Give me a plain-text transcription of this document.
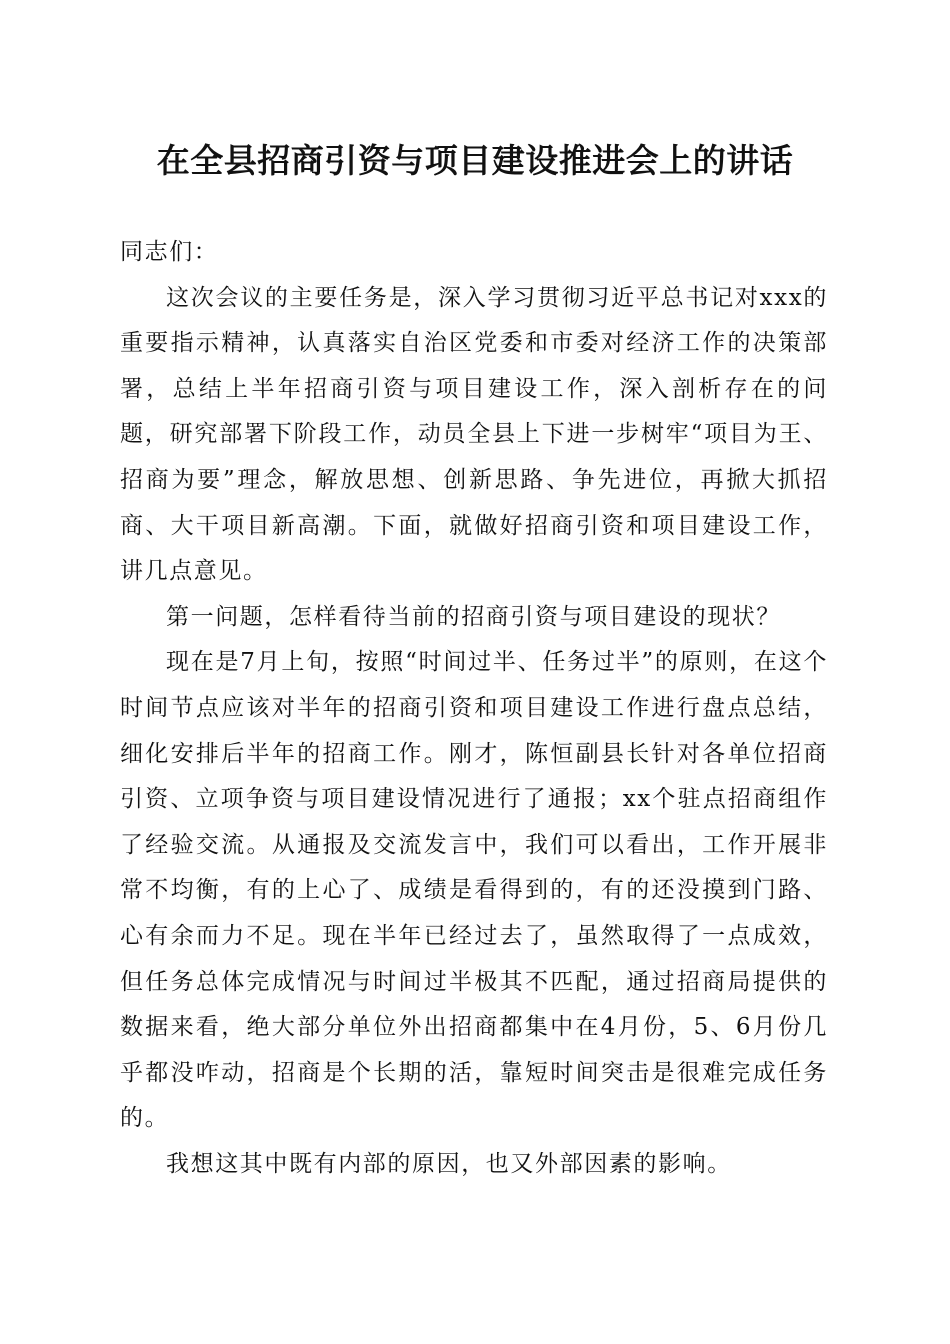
在全县招商引资与项目建设推进会上的讲话

同志们：

这次会议的主要任务是，深入学习贯彻习近平总书记对xxx的重要指示精神，认真落实自治区党委和市委对经济工作的决策部署，总结上半年招商引资与项目建设工作，深入剖析存在的问题，研究部署下阶段工作，动员全县上下进一步树牢“项目为王、招商为要”理念，解放思想、创新思路、争先进位，再掀大抓招商、大干项目新高潮。下面，就做好招商引资和项目建设工作，讲几点意见。

第一问题，怎样看待当前的招商引资与项目建设的现状？

现在是7月上旬，按照“时间过半、任务过半”的原则，在这个时间节点应该对半年的招商引资和项目建设工作进行盘点总结，细化安排后半年的招商工作。刚才，陈恒副县长针对各单位招商引资、立项争资与项目建设情况进行了通报；xx个驻点招商组作了经验交流。从通报及交流发言中，我们可以看出，工作开展非常不均衡，有的上心了、成绩是看得到的，有的还没摸到门路、心有余而力不足。现在半年已经过去了，虽然取得了一点成效，但任务总体完成情况与时间过半极其不匹配，通过招商局提供的数据来看，绝大部分单位外出招商都集中在4月份，5、6月份几乎都没咋动，招商是个长期的活，靠短时间突击是很难完成任务的。

我想这其中既有内部的原因，也又外部因素的影响。
